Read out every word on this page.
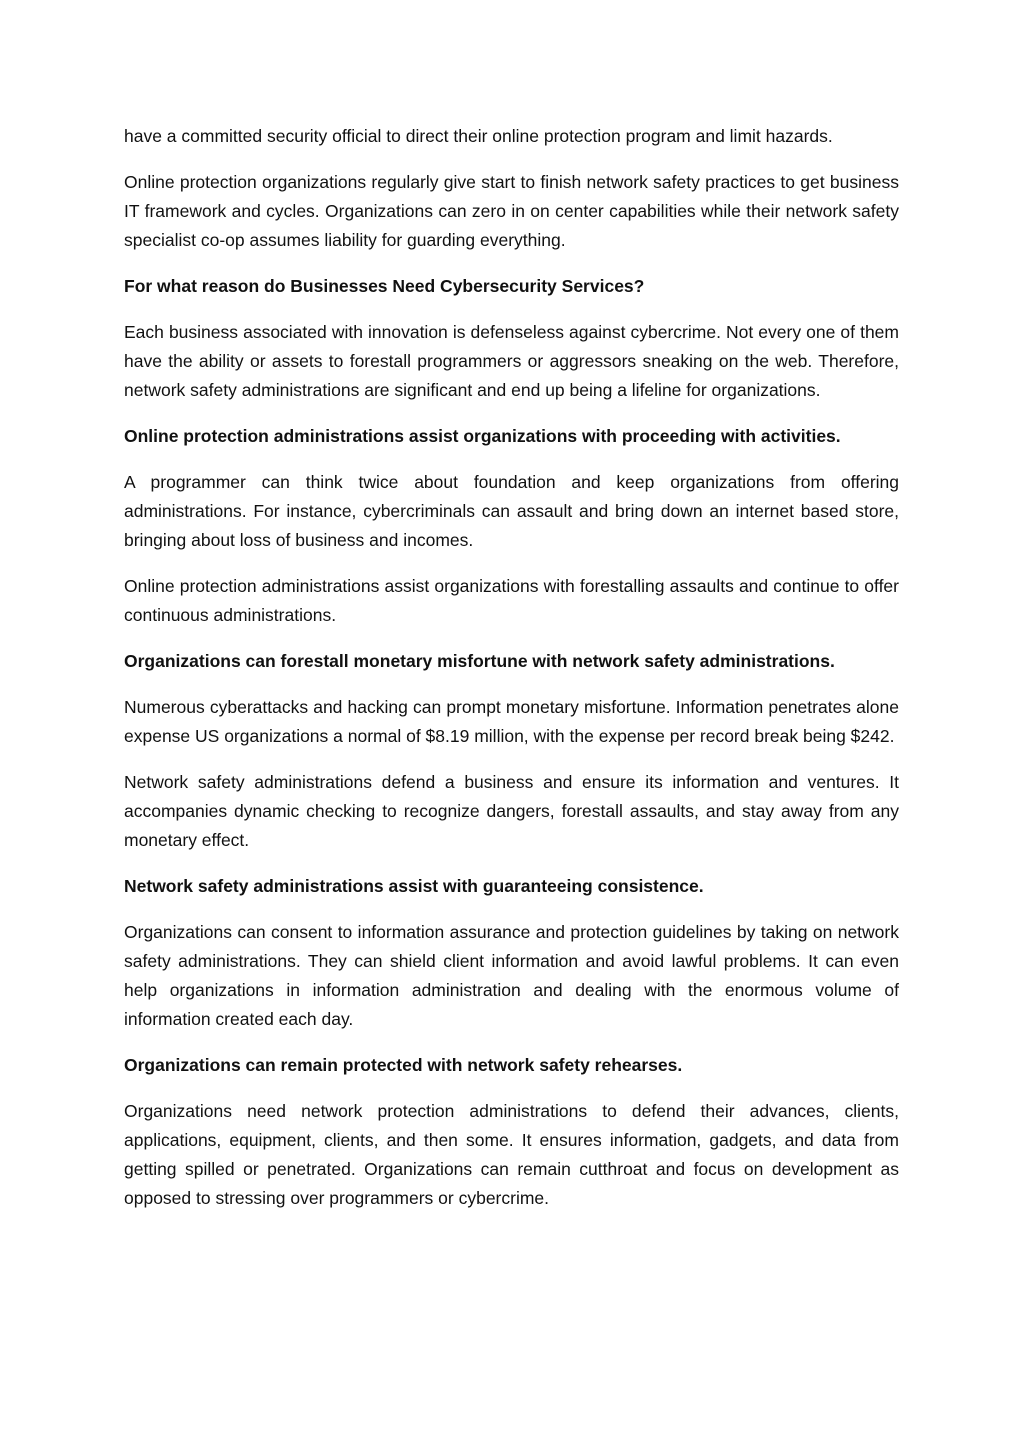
have a committed security official to direct their online protection program and limit hazards.

Online protection organizations regularly give start to finish network safety practices to get business IT framework and cycles. Organizations can zero in on center capabilities while their network safety specialist co-op assumes liability for guarding everything.

For what reason do Businesses Need Cybersecurity Services?

Each business associated with innovation is defenseless against cybercrime. Not every one of them have the ability or assets to forestall programmers or aggressors sneaking on the web. Therefore, network safety administrations are significant and end up being a lifeline for organizations.

Online protection administrations assist organizations with proceeding with activities.

A programmer can think twice about foundation and keep organizations from offering administrations. For instance, cybercriminals can assault and bring down an internet based store, bringing about loss of business and incomes.

Online protection administrations assist organizations with forestalling assaults and continue to offer continuous administrations.

Organizations can forestall monetary misfortune with network safety administrations.

Numerous cyberattacks and hacking can prompt monetary misfortune. Information penetrates alone expense US organizations a normal of $8.19 million, with the expense per record break being $242.

Network safety administrations defend a business and ensure its information and ventures. It accompanies dynamic checking to recognize dangers, forestall assaults, and stay away from any monetary effect.

Network safety administrations assist with guaranteeing consistence.

Organizations can consent to information assurance and protection guidelines by taking on network safety administrations. They can shield client information and avoid lawful problems. It can even help organizations in information administration and dealing with the enormous volume of information created each day.

Organizations can remain protected with network safety rehearses.

Organizations need network protection administrations to defend their advances, clients, applications, equipment, clients, and then some. It ensures information, gadgets, and data from getting spilled or penetrated. Organizations can remain cutthroat and focus on development as opposed to stressing over programmers or cybercrime.
